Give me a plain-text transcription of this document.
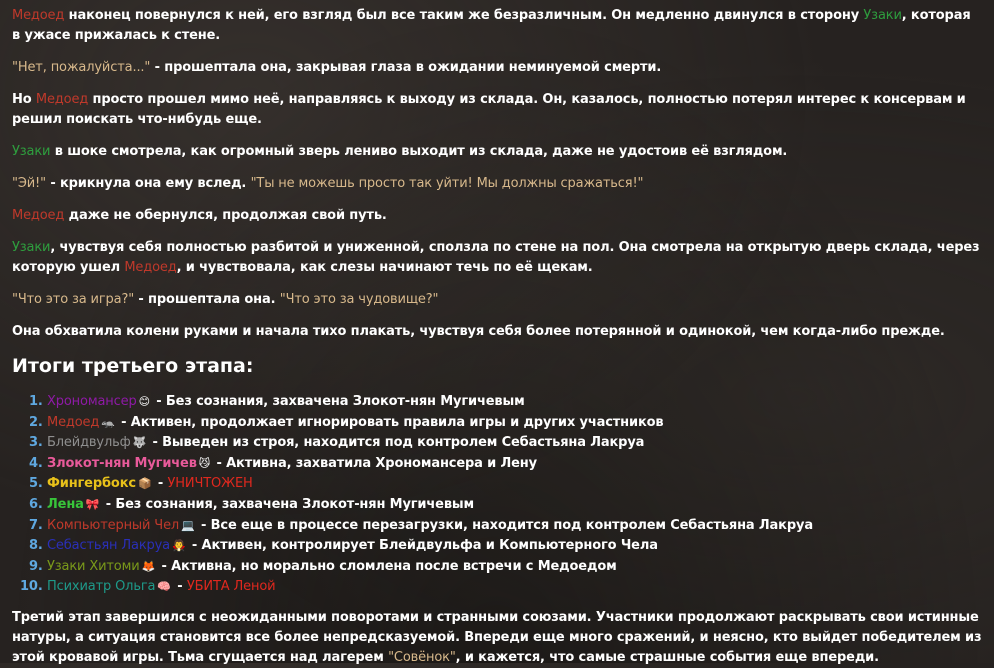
Медоед наконец повернулся к ней, его взгляд был все таким же безразличным. Он медленно двинулся в сторону Узаки, которая в ужасе прижалась к стене.

"Нет, пожалуйста..." - прошептала она, закрывая глаза в ожидании неминуемой смерти.

Но Медоед просто прошел мимо неё, направляясь к выходу из склада. Он, казалось, полностью потерял интерес к консервам и решил поискать что-нибудь еще.

Узаки в шоке смотрела, как огромный зверь лениво выходит из склада, даже не удостоив её взглядом.

"Эй!" - крикнула она ему вслед. "Ты не можешь просто так уйти! Мы должны сражаться!"

Медоед даже не обернулся, продолжая свой путь.

Узаки, чувствуя себя полностью разбитой и униженной, сползла по стене на пол. Она смотрела на открытую дверь склада, через которую ушел Медоед, и чувствовала, как слезы начинают течь по её щекам.

"Что это за игра?" - прошептала она. "Что это за чудовище?"

Она обхватила колени руками и начала тихо плакать, чувствуя себя более потерянной и одинокой, чем когда-либо прежде.

Итоги третьего этапа:
1. Хрономансер 😊 - Без сознания, захвачена Злокот-нян Мугичевым
2. Медоед 🦡 - Активен, продолжает игнорировать правила игры и других участников
3. Блейдвульф 🐺 - Выведен из строя, находится под контролем Себастьяна Лакруа
4. Злокот-нян Мугичев 😼 - Активна, захватила Хрономансера и Лену
5. Фингербокс 📦 - УНИЧТОЖЕН
6. Лена 🎀 - Без сознания, захвачена Злокот-нян Мугичевым
7. Компьютерный Чел 💻 - Все еще в процессе перезагрузки, находится под контролем Себастьяна Лакруа
8. Себастьян Лакруа 🧛 - Активен, контролирует Блейдвульфа и Компьютерного Чела
9. Узаки Хитоми 🦊 - Активна, но морально сломлена после встречи с Медоедом
10. Психиатр Ольга 🧠 - УБИТА Леной

Третий этап завершился с неожиданными поворотами и странными союзами. Участники продолжают раскрывать свои истинные натуры, а ситуация становится все более непредсказуемой. Впереди еще много сражений, и неясно, кто выйдет победителем из этой кровавой игры. Тьма сгущается над лагерем "Совёнок", и кажется, что самые страшные события еще впереди.
